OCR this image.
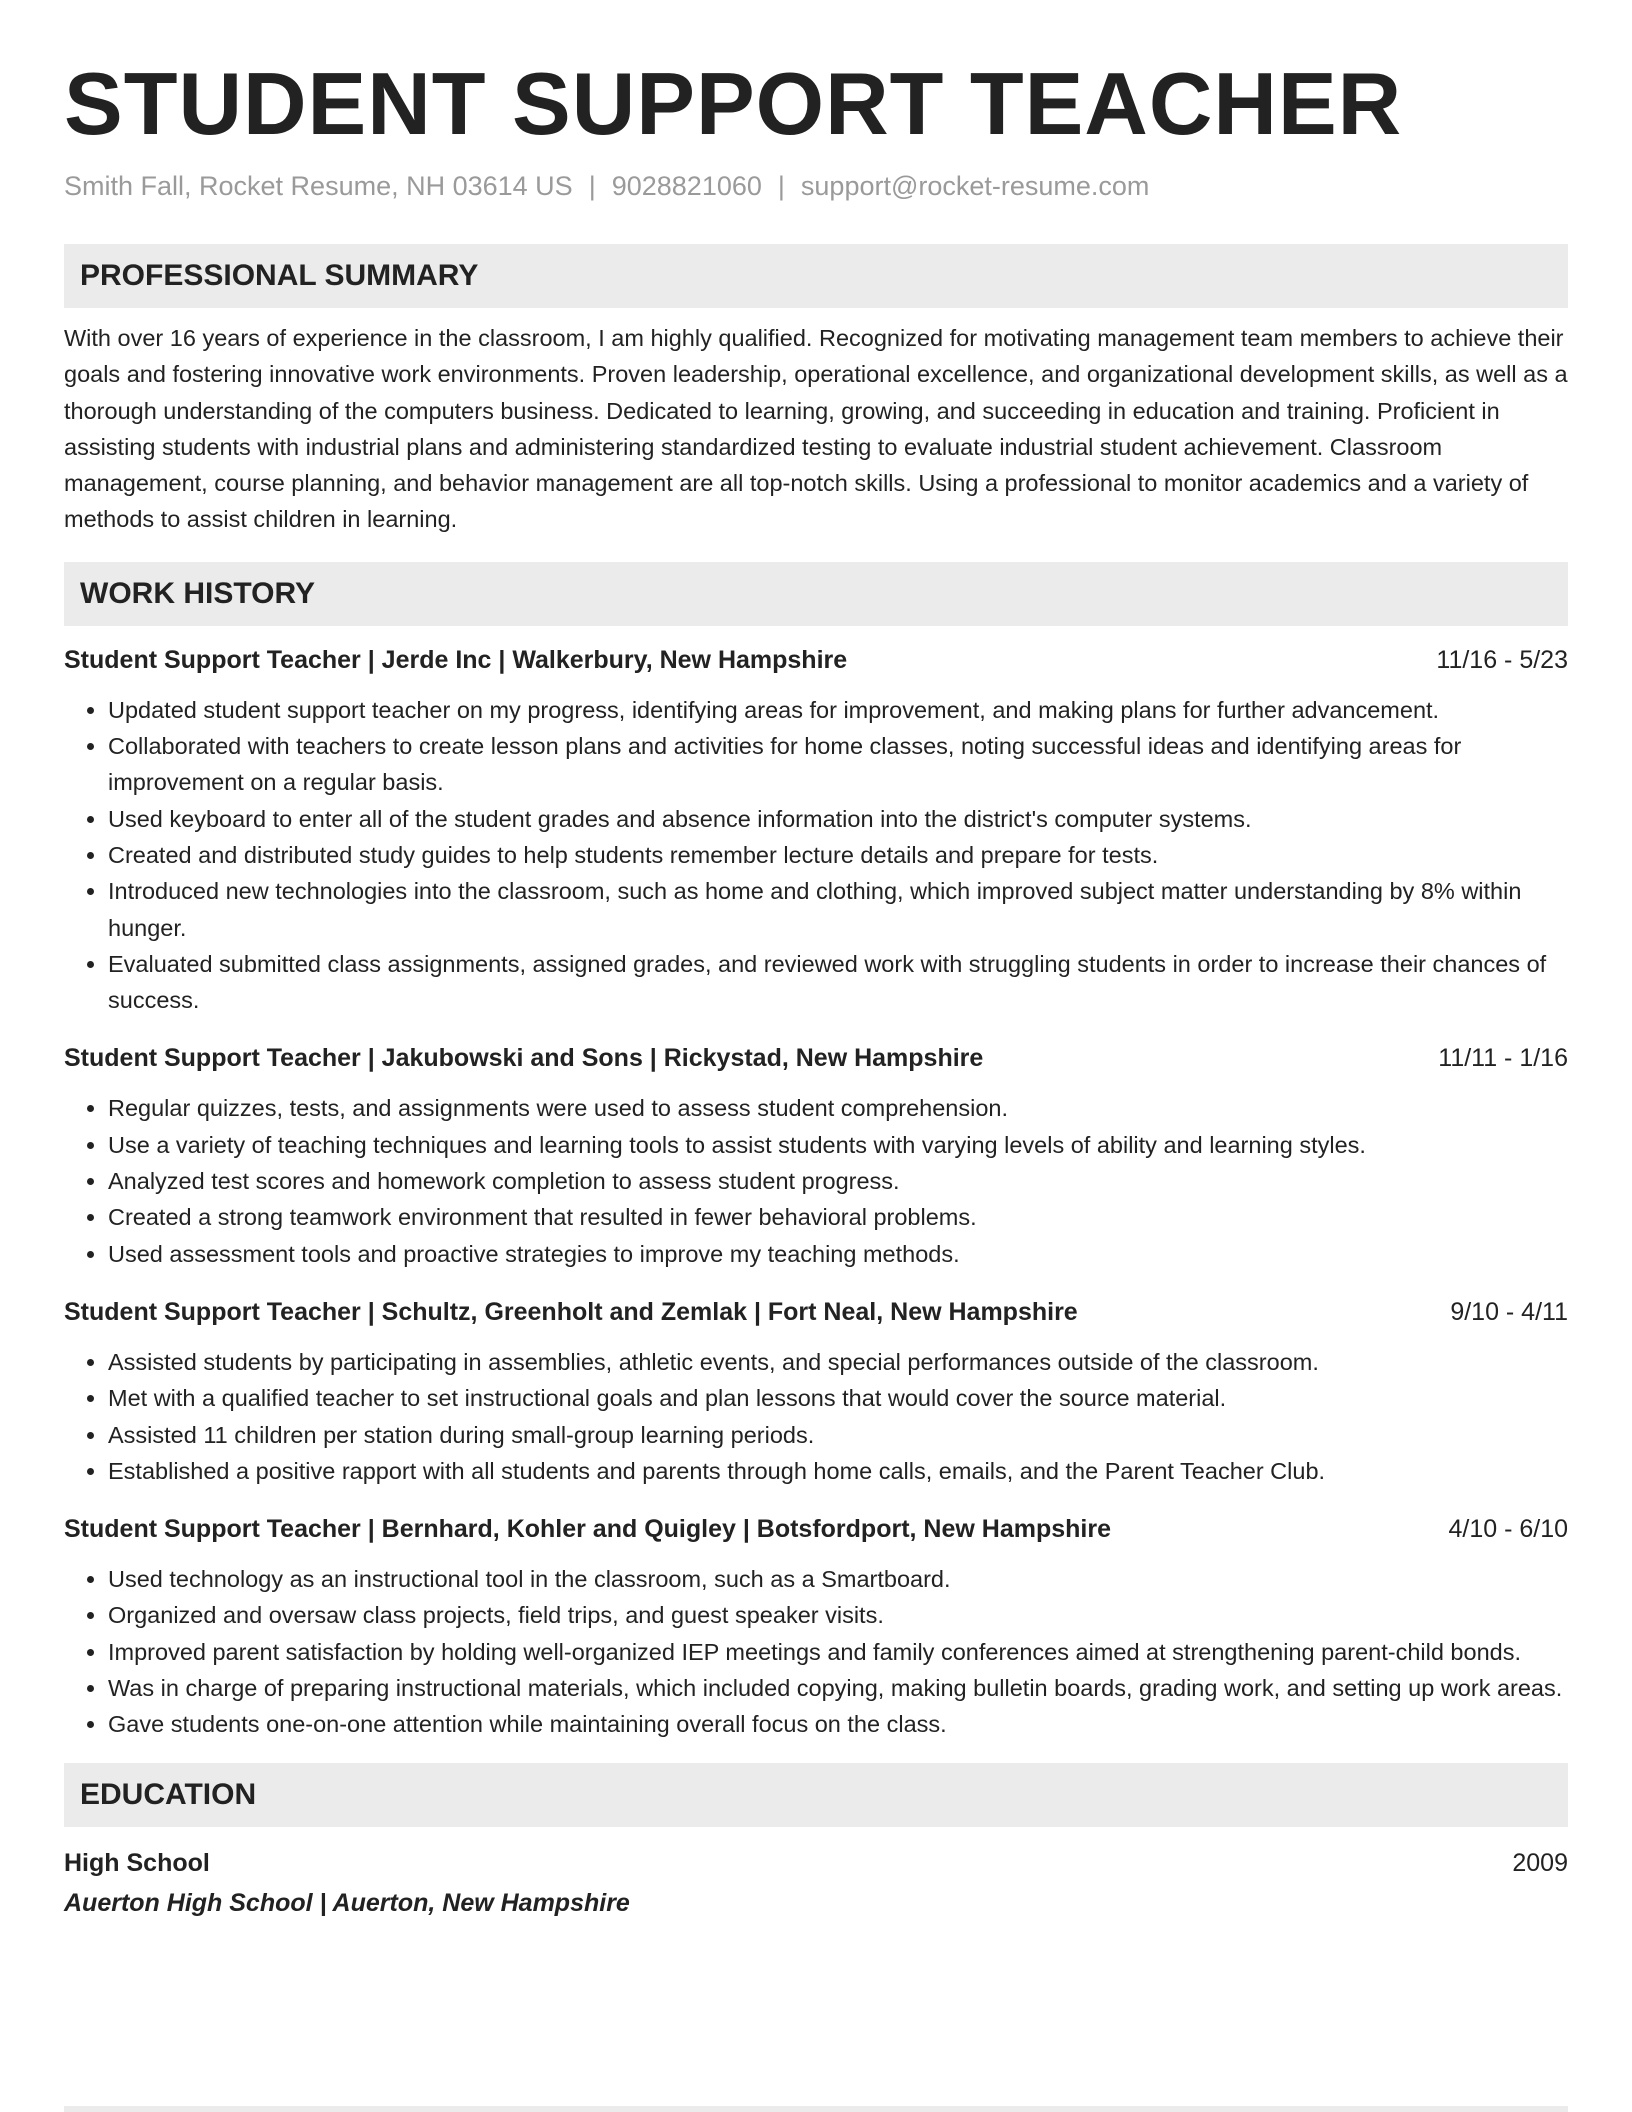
STUDENT SUPPORT TEACHER
Smith Fall, Rocket Resume, NH 03614 US | 9028821060 | support@rocket-resume.com
PROFESSIONAL SUMMARY

With over 16 years of experience in the classroom, I am highly qualified. Recognized for motivating management team members to achieve their goals and fostering innovative work environments. Proven leadership, operational excellence, and organizational development skills, as well as a thorough understanding of the computers business. Dedicated to learning, growing, and succeeding in education and training. Proficient in assisting students with industrial plans and administering standardized testing to evaluate industrial student achievement. Classroom management, course planning, and behavior management are all top-notch skills. Using a professional to monitor academics and a variety of methods to assist children in learning.

WORK HISTORY
Student Support Teacher | Jerde Inc | Walkerbury, New Hampshire	11/16 - 5/23
• Updated student support teacher on my progress, identifying areas for improvement, and making plans for further advancement.
• Collaborated with teachers to create lesson plans and activities for home classes, noting successful ideas and identifying areas for improvement on a regular basis.
• Used keyboard to enter all of the student grades and absence information into the district's computer systems.
• Created and distributed study guides to help students remember lecture details and prepare for tests.
• Introduced new technologies into the classroom, such as home and clothing, which improved subject matter understanding by 8% within hunger.
• Evaluated submitted class assignments, assigned grades, and reviewed work with struggling students in order to increase their chances of success.
Student Support Teacher | Jakubowski and Sons | Rickystad, New Hampshire	11/11 - 1/16
• Regular quizzes, tests, and assignments were used to assess student comprehension.
• Use a variety of teaching techniques and learning tools to assist students with varying levels of ability and learning styles.
• Analyzed test scores and homework completion to assess student progress.
• Created a strong teamwork environment that resulted in fewer behavioral problems.
• Used assessment tools and proactive strategies to improve my teaching methods.
Student Support Teacher | Schultz, Greenholt and Zemlak | Fort Neal, New Hampshire	9/10 - 4/11
• Assisted students by participating in assemblies, athletic events, and special performances outside of the classroom.
• Met with a qualified teacher to set instructional goals and plan lessons that would cover the source material.
• Assisted 11 children per station during small-group learning periods.
• Established a positive rapport with all students and parents through home calls, emails, and the Parent Teacher Club.
Student Support Teacher | Bernhard, Kohler and Quigley | Botsfordport, New Hampshire	4/10 - 6/10
• Used technology as an instructional tool in the classroom, such as a Smartboard.
• Organized and oversaw class projects, field trips, and guest speaker visits.
• Improved parent satisfaction by holding well-organized IEP meetings and family conferences aimed at strengthening parent-child bonds.
• Was in charge of preparing instructional materials, which included copying, making bulletin boards, grading work, and setting up work areas.
• Gave students one-on-one attention while maintaining overall focus on the class.
EDUCATION
High School	2009
Auerton High School | Auerton, New Hampshire
